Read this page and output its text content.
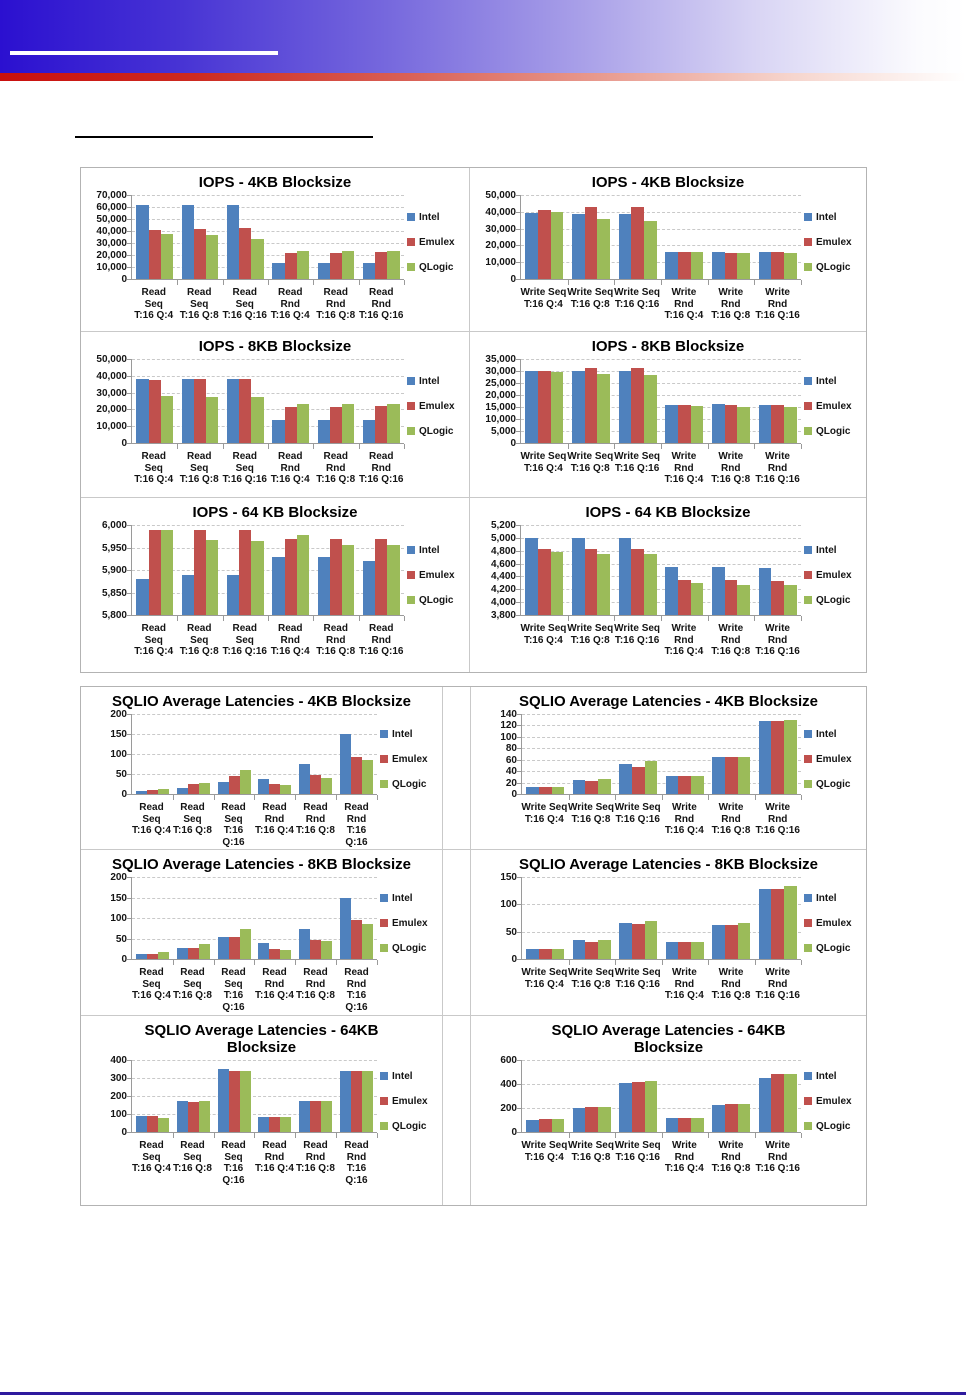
IOPS - 4KB Blocksize
0
10,000
20,000
30,000
40,000
50,000
60,000
70,000
Read Seq
T:16 Q:4
Read Seq
T:16 Q:8
Read Seq
T:16 Q:16
Read Rnd
T:16 Q:4
Read Rnd
T:16 Q:8
Read Rnd
T:16 Q:16
Intel
Emulex
QLogic
IOPS - 4KB Blocksize
0
10,000
20,000
30,000
40,000
50,000
Write Seq
T:16 Q:4
Write Seq
T:16 Q:8
Write Seq
T:16 Q:16
Write Rnd
T:16 Q:4
Write Rnd
T:16 Q:8
Write Rnd
T:16 Q:16
Intel
Emulex
QLogic
IOPS - 8KB Blocksize
0
10,000
20,000
30,000
40,000
50,000
Read Seq
T:16 Q:4
Read Seq
T:16 Q:8
Read Seq
T:16 Q:16
Read Rnd
T:16 Q:4
Read Rnd
T:16 Q:8
Read Rnd
T:16 Q:16
Intel
Emulex
QLogic
IOPS - 8KB Blocksize
0
5,000
10,000
15,000
20,000
25,000
30,000
35,000
Write Seq
T:16 Q:4
Write Seq
T:16 Q:8
Write Seq
T:16 Q:16
Write Rnd
T:16 Q:4
Write Rnd
T:16 Q:8
Write Rnd
T:16 Q:16
Intel
Emulex
QLogic
IOPS - 64 KB Blocksize
5,800
5,850
5,900
5,950
6,000
Read Seq
T:16 Q:4
Read Seq
T:16 Q:8
Read Seq
T:16 Q:16
Read Rnd
T:16 Q:4
Read Rnd
T:16 Q:8
Read Rnd
T:16 Q:16
Intel
Emulex
QLogic
IOPS - 64 KB Blocksize
3,800
4,000
4,200
4,400
4,600
4,800
5,000
5,200
Write Seq
T:16 Q:4
Write Seq
T:16 Q:8
Write Seq
T:16 Q:16
Write Rnd
T:16 Q:4
Write Rnd
T:16 Q:8
Write Rnd
T:16 Q:16
Intel
Emulex
QLogic
SQLIO Average Latencies - 4KB Blocksize
0
50
100
150
200
Read Seq
T:16 Q:4
Read Seq
T:16 Q:8
Read Seq
T:16 Q:16
Read Rnd
T:16 Q:4
Read Rnd
T:16 Q:8
Read Rnd
T:16 Q:16
Intel
Emulex
QLogic
SQLIO Average Latencies - 4KB Blocksize
0
20
40
60
80
100
120
140
Write Seq
T:16 Q:4
Write Seq
T:16 Q:8
Write Seq
T:16 Q:16
Write Rnd
T:16 Q:4
Write Rnd
T:16 Q:8
Write Rnd
T:16 Q:16
Intel
Emulex
QLogic
SQLIO Average Latencies - 8KB Blocksize
0
50
100
150
200
Read Seq
T:16 Q:4
Read Seq
T:16 Q:8
Read Seq
T:16 Q:16
Read Rnd
T:16 Q:4
Read Rnd
T:16 Q:8
Read Rnd
T:16 Q:16
Intel
Emulex
QLogic
SQLIO Average Latencies - 8KB Blocksize
0
50
100
150
Write Seq
T:16 Q:4
Write Seq
T:16 Q:8
Write Seq
T:16 Q:16
Write Rnd
T:16 Q:4
Write Rnd
T:16 Q:8
Write Rnd
T:16 Q:16
Intel
Emulex
QLogic
SQLIO Average Latencies - 64KB Blocksize
0
100
200
300
400
Read Seq
T:16 Q:4
Read Seq
T:16 Q:8
Read Seq
T:16 Q:16
Read Rnd
T:16 Q:4
Read Rnd
T:16 Q:8
Read Rnd
T:16 Q:16
Intel
Emulex
QLogic
SQLIO Average Latencies - 64KB Blocksize
0
200
400
600
Write Seq
T:16 Q:4
Write Seq
T:16 Q:8
Write Seq
T:16 Q:16
Write Rnd
T:16 Q:4
Write Rnd
T:16 Q:8
Write Rnd
T:16 Q:16
Intel
Emulex
QLogic
